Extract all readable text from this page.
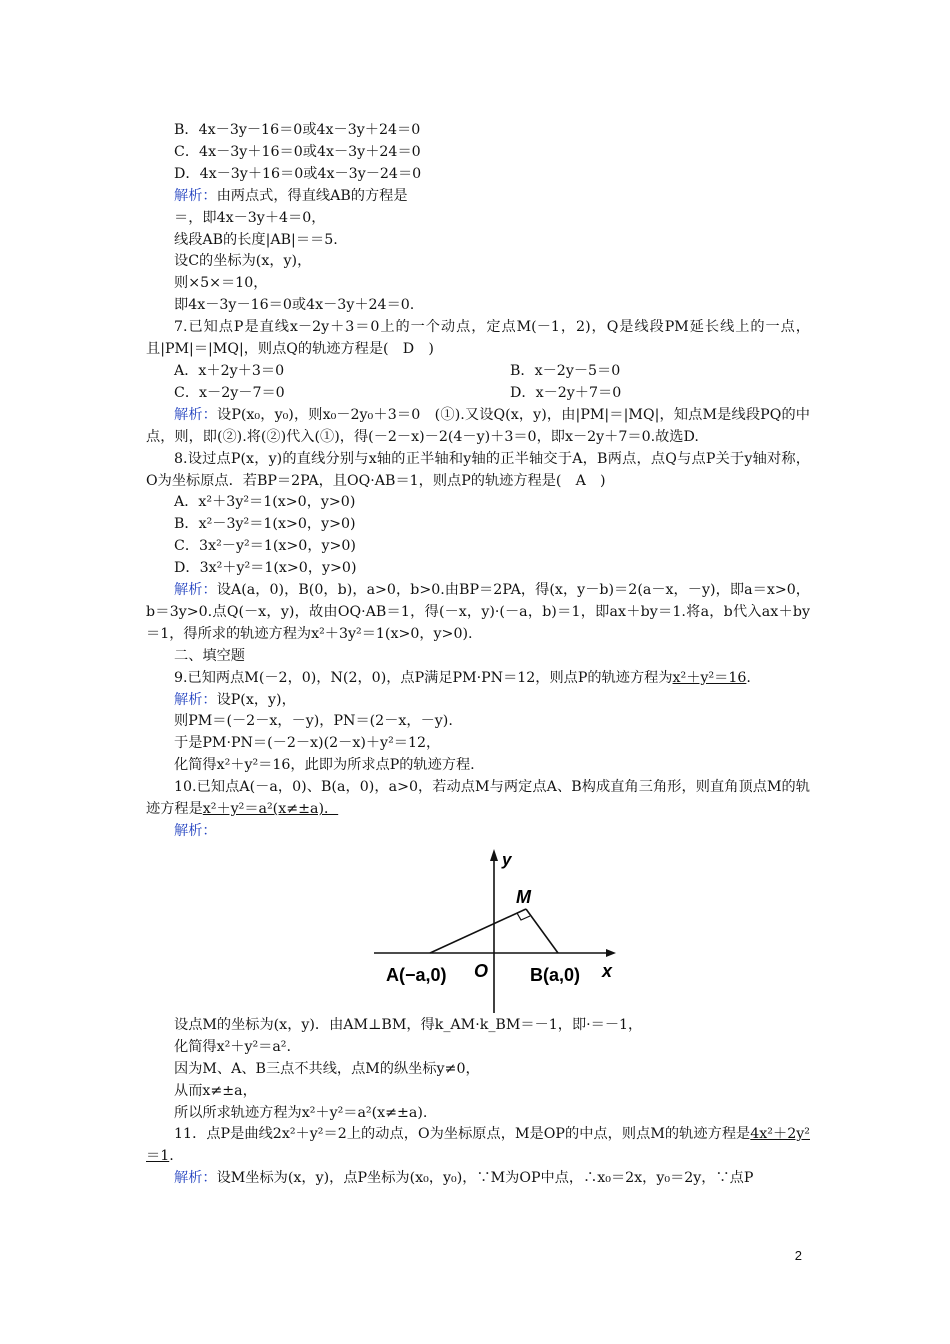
B．4x－3y－16＝0或4x－3y＋24＝0
C．4x－3y＋16＝0或4x－3y＋24＝0
D．4x－3y＋16＝0或4x－3y－24＝0
解析：由两点式，得直线AB的方程是
＝，即4x－3y＋4＝0，
线段AB的长度|AB|＝＝5.
设C的坐标为(x，y)，
则×5×＝10，
即4x－3y－16＝0或4x－3y＋24＝0.
7.已知点P是直线x－2y＋3＝0上的一个动点，定点M(－1，2)，Q是线段PM延长线上的一点，且|PM|＝|MQ|，则点Q的轨迹方程是(　D　)
A．x＋2y＋3＝0	B．x－2y－5＝0
C．x－2y－7＝0	D．x－2y＋7＝0
解析：设P(x₀，y₀)，则x₀－2y₀＋3＝0　(①).又设Q(x，y)，由|PM|＝|MQ|，知点M是线段PQ的中点，则，即(②).将(②)代入(①)，得(－2－x)－2(4－y)＋3＝0，即x－2y＋7＝0.故选D.
8.设过点P(x，y)的直线分别与x轴的正半轴和y轴的正半轴交于A，B两点，点Q与点P关于y轴对称，O为坐标原点．若BP＝2PA，且OQ·AB＝1，则点P的轨迹方程是(　A　)
A．x²＋3y²＝1(x>0，y>0)
B．x²－3y²＝1(x>0，y>0)
C．3x²－y²＝1(x>0，y>0)
D．3x²＋y²＝1(x>0，y>0)
解析：设A(a，0)，B(0，b)，a>0，b>0.由BP＝2PA，得(x，y－b)＝2(a－x，－y)，即a＝x>0，b＝3y>0.点Q(－x，y)，故由OQ·AB＝1，得(－x，y)·(－a，b)＝1，即ax＋by＝1.将a，b代入ax＋by＝1，得所求的轨迹方程为x²＋3y²＝1(x>0，y>0).
二、填空题
9.已知两点M(－2，0)，N(2，0)，点P满足PM·PN＝12，则点P的轨迹方程为x²＋y²＝16.
解析：设P(x，y)，
则PM＝(－2－x，－y)，PN＝(2－x，－y).
于是PM·PN＝(－2－x)(2－x)＋y²＝12，
化简得x²＋y²＝16，此即为所求点P的轨迹方程.
10.已知点A(－a，0)、B(a，0)，a>0，若动点M与两定点A、B构成直角三角形，则直角顶点M的轨迹方程是x²＋y²＝a²(x≠±a)．
解析：
y
M
x
O
A(−a,0)	B(a,0)
设点M的坐标为(x，y)．由AM⊥BM，得k_AM·k_BM＝－1，即·＝－1，
化简得x²＋y²＝a².
因为M、A、B三点不共线，点M的纵坐标y≠0，
从而x≠±a，
所以所求轨迹方程为x²＋y²＝a²(x≠±a).
11．点P是曲线2x²＋y²＝2上的动点，O为坐标原点，M是OP的中点，则点M的轨迹方程是4x²＋2y²＝1.
解析：设M坐标为(x，y)，点P坐标为(x₀，y₀)，∵M为OP中点，∴x₀＝2x，y₀＝2y，∵点P
2
